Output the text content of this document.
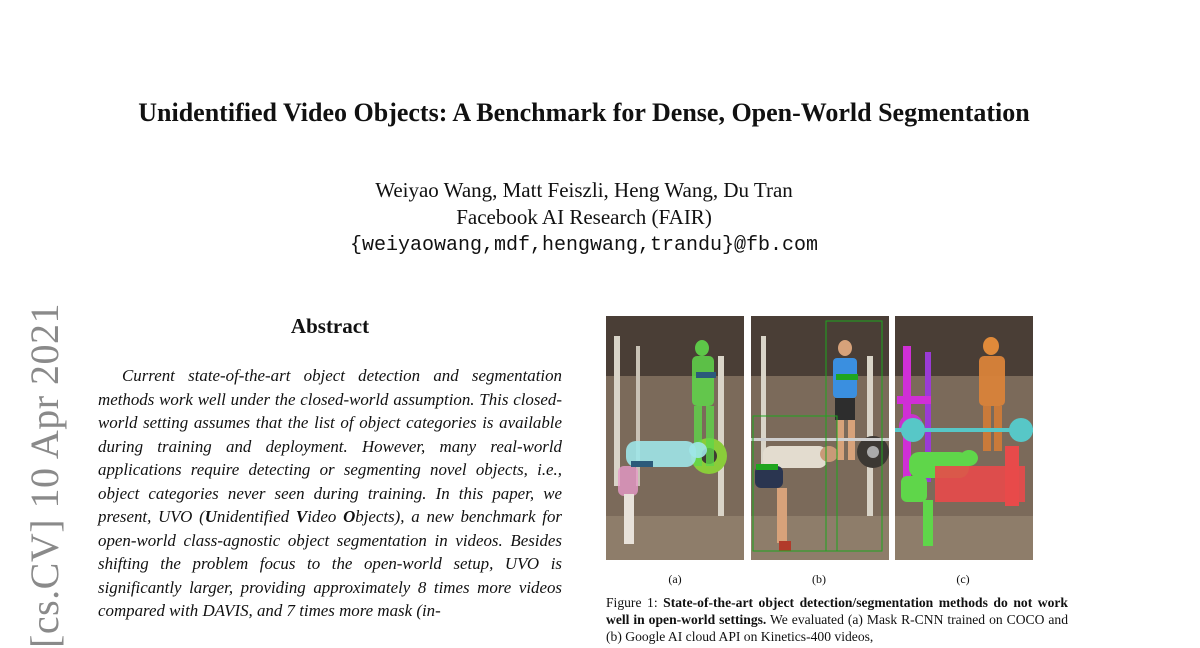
[cs.CV] 10 Apr 2021
Unidentified Video Objects: A Benchmark for Dense, Open-World Segmentation
Weiyao Wang, Matt Feiszli, Heng Wang, Du Tran
Facebook AI Research (FAIR)
{weiyaowang,mdf,hengwang,trandu}@fb.com
Abstract

Current state-of-the-art object detection and segmentation methods work well under the closed-world assumption. This closed-world setting assumes that the list of object categories is available during training and deployment. However, many real-world applications require detecting or segmenting novel objects, i.e., object categories never seen during training. In this paper, we present, UVO (Unidentified Video Objects), a new benchmark for open-world class-agnostic object segmentation in videos. Besides shifting the problem focus to the open-world setup, UVO is significantly larger, providing approximately 8 times more videos compared with DAVIS, and 7 times more mask (in-

(a)	(b)	(c)
Figure 1: State-of-the-art object detection/segmentation methods do not work well in open-world settings. We evaluated (a) Mask R-CNN trained on COCO and (b) Google AI cloud API on Kinetics-400 videos,
